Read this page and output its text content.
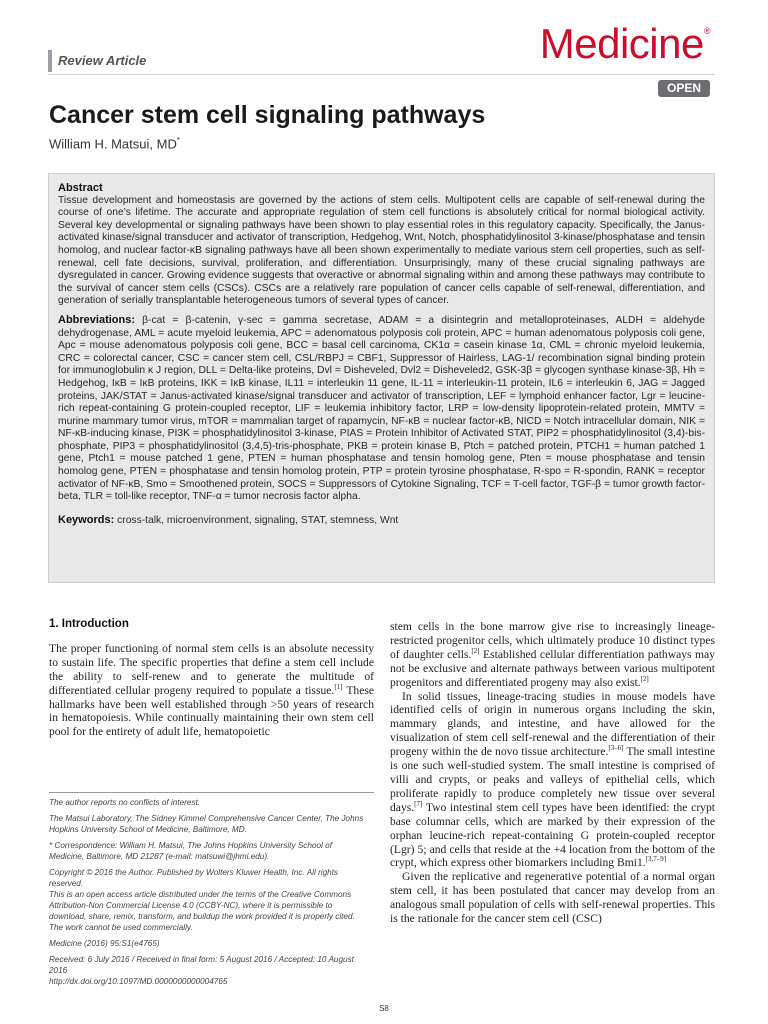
Review Article	Medicine®
OPEN
Cancer stem cell signaling pathways
William H. Matsui, MD*
Abstract

Tissue development and homeostasis are governed by the actions of stem cells. Multipotent cells are capable of self-renewal during the course of one’s lifetime. The accurate and appropriate regulation of stem cell functions is absolutely critical for normal biological activity. Several key developmental or signaling pathways have been shown to play essential roles in this regulatory capacity. Specifically, the Janus-activated kinase/signal transducer and activator of transcription, Hedgehog, Wnt, Notch, phosphatidylinositol 3-kinase/phosphatase and tensin homolog, and nuclear factor-κB signaling pathways have all been shown experimentally to mediate various stem cell properties, such as self-renewal, cell fate decisions, survival, proliferation, and differentiation. Unsurprisingly, many of these crucial signaling pathways are dysregulated in cancer. Growing evidence suggests that overactive or abnormal signaling within and among these pathways may contribute to the survival of cancer stem cells (CSCs). CSCs are a relatively rare population of cancer cells capable of self-renewal, differentiation, and generation of serially transplantable heterogeneous tumors of several types of cancer.

Abbreviations: β-cat = β-catenin, γ-sec = gamma secretase, ADAM = a disintegrin and metalloproteinases, ALDH = aldehyde dehydrogenase, AML = acute myeloid leukemia, APC = adenomatous polyposis coli protein, APC = human adenomatous polyposis coli gene, Apc = mouse adenomatous polyposis coli gene, BCC = basal cell carcinoma, CK1α = casein kinase 1α, CML = chronic myeloid leukemia, CRC = colorectal cancer, CSC = cancer stem cell, CSL/RBPJ = CBF1, Suppressor of Hairless, LAG-1/ recombination signal binding protein for immunoglobulin κ J region, DLL = Delta-like proteins, Dvl = Disheveled, Dvl2 = Disheveled2, GSK-3β = glycogen synthase kinase-3β, Hh = Hedgehog, IκB = IκB proteins, IKK = IκB kinase, IL11 = interleukin 11 gene, IL-11 = interleukin-11 protein, IL6 = interleukin 6, JAG = Jagged proteins, JAK/STAT = Janus-activated kinase/signal transducer and activator of transcription, LEF = lymphoid enhancer factor, Lgr = leucine-rich repeat-containing G protein-coupled receptor, LIF = leukemia inhibitory factor, LRP = low-density lipoprotein-related protein, MMTV = murine mammary tumor virus, mTOR = mammalian target of rapamycin, NF-κB = nuclear factor-κB, NICD = Notch intracellular domain, NIK = NF-κB-inducing kinase, PI3K = phosphatidylinositol 3-kinase, PIAS = Protein Inhibitor of Activated STAT, PIP2 = phosphatidylinositol (3,4)-bis-phosphate, PIP3 = phosphatidylinositol (3,4,5)-tris-phosphate, PKB = protein kinase B, Ptch = patched protein, PTCH1 = human patched 1 gene, Ptch1 = mouse patched 1 gene, PTEN = human phosphatase and tensin homolog gene, Pten = mouse phosphatase and tensin homolog gene, PTEN = phosphatase and tensin homolog protein, PTP = protein tyrosine phosphatase, R-spo = R-spondin, RANK = receptor activator of NF-κB, Smo = Smoothened protein, SOCS = Suppressors of Cytokine Signaling, TCF = T-cell factor, TGF-β = tumor growth factor-beta, TLR = toll-like receptor, TNF-α = tumor necrosis factor alpha.

Keywords: cross-talk, microenvironment, signaling, STAT, stemness, Wnt

1. Introduction

The proper functioning of normal stem cells is an absolute necessity to sustain life. The specific properties that define a stem cell include the ability to self-renew and to generate the multitude of differentiated cellular progeny required to populate a tissue.[1] These hallmarks have been well established through >50 years of research in hematopoiesis. While continually maintaining their own stem cell pool for the entirety of adult life, hematopoietic

The author reports no conflicts of interest.

The Matsui Laboratory, The Sidney Kimmel Comprehensive Cancer Center, The Johns Hopkins University School of Medicine, Baltimore, MD.

* Correspondence: William H. Matsui, The Johns Hopkins University School of Medicine, Baltimore, MD 21287 (e-mail: matsuwi@jhmi.edu).

Copyright © 2016 the Author. Published by Wolters Kluwer Health, Inc. All rights reserved.

This is an open access article distributed under the terms of the Creative Commons Attribution-Non Commercial License 4.0 (CCBY-NC), where it is permissible to download, share, remix, transform, and buildup the work provided it is properly cited. The work cannot be used commercially.

Medicine (2016) 95:S1(e4765)

Received: 6 July 2016 / Received in final form: 5 August 2016 / Accepted: 10 August 2016

http://dx.doi.org/10.1097/MD.0000000000004765

stem cells in the bone marrow give rise to increasingly lineage-restricted progenitor cells, which ultimately produce 10 distinct types of daughter cells.[2] Established cellular differentiation pathways may not be exclusive and alternate pathways between various multipotent progenitors and differentiated progeny may also exist.[2]

In solid tissues, lineage-tracing studies in mouse models have identified cells of origin in numerous organs including the skin, mammary glands, and intestine, and have allowed for the visualization of stem cell self-renewal and the differentiation of their progeny within the de novo tissue architecture.[3–6] The small intestine is one such well-studied system. The small intestine is comprised of villi and crypts, or peaks and valleys of epithelial cells, which proliferate rapidly to produce completely new tissue over several days.[7] Two intestinal stem cell types have been identified: the crypt base columnar cells, which are marked by their expression of the orphan leucine-rich repeat-containing G protein-coupled receptor (Lgr) 5; and cells that reside at the +4 location from the bottom of the crypt, which express other biomarkers including Bmi1.[3,7–9]

Given the replicative and regenerative potential of a normal organ stem cell, it has been postulated that cancer may develop from an analogous small population of cells with self-renewal properties. This is the rationale for the cancer stem cell (CSC)

S8
